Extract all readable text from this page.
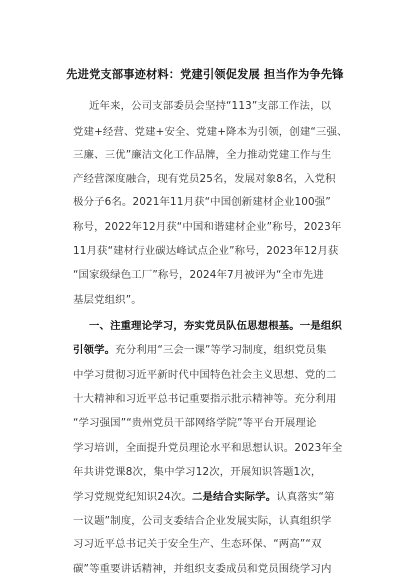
先进党支部事迹材料：党建引领促发展 担当作为争先锋
近年来，公司支部委员会坚持“113”支部工作法，以
党建+经营、党建+安全、党建+降本为引领，创建“三强、
三廉、三优”廉洁文化工作品牌，全力推动党建工作与生
产经营深度融合，现有党员25名，发展对象8名，入党积
极分子6名。2021年11月获“中国创新建材企业100强”
称号，2022年12月获“中国和谐建材企业”称号，2023年
11月获“建材行业碳达峰试点企业”称号，2023年12月获
“国家级绿色工厂”称号，2024年7月被评为“全市先进
基层党组织”。
一、注重理论学习，夯实党员队伍思想根基。一是组织
引领学。充分利用“三会一课”等学习制度，组织党员集
中学习贯彻习近平新时代中国特色社会主义思想、党的二
十大精神和习近平总书记重要指示批示精神等。充分利用
“学习强国”“贵州党员干部网络学院”等平台开展理论
学习培训，全面提升党员理论水平和思想认识。2023年全
年共讲党课8次，集中学习12次，开展知识答题1次，
学习党规党纪知识24次。二是结合实际学。认真落实“第
一议题”制度，公司支委结合企业发展实际，认真组织学
习习近平总书记关于安全生产、生态环保、“两高”“双
碳”等重要讲话精神，并组织支委成员和党员围绕学习内
